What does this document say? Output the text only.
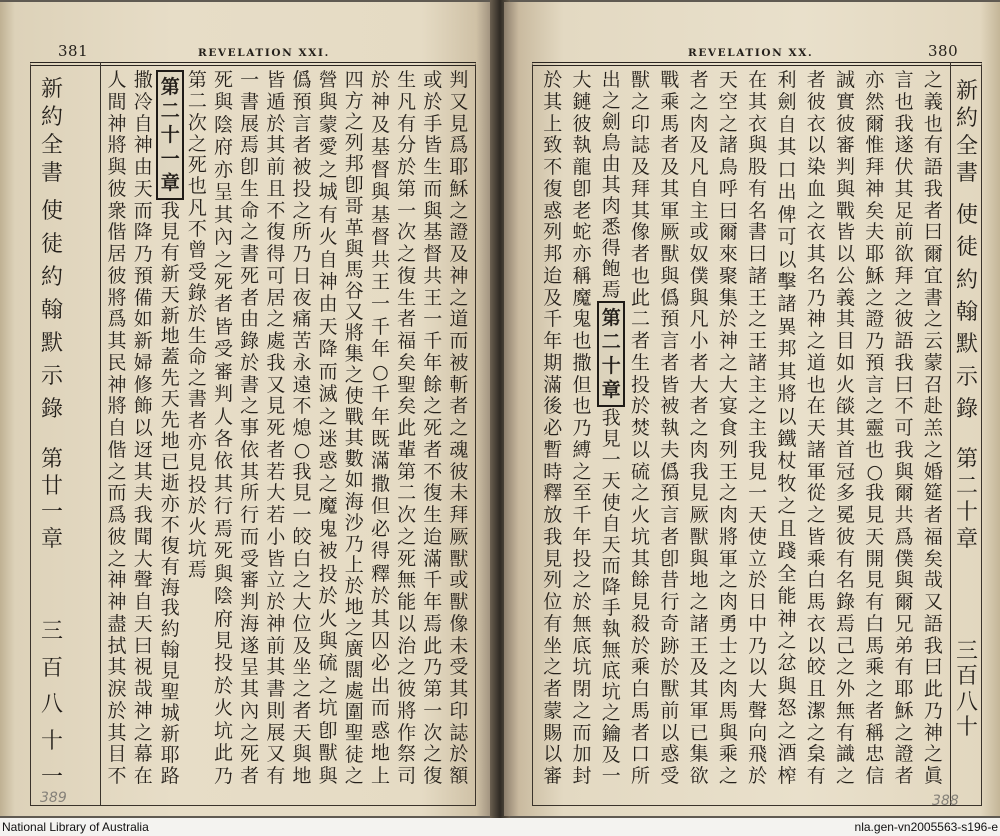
381	REVELATION XXI.
新
約
全
書
使
徒
約
翰
默
示
錄
第
廿
一
章
三
百
八
十
一
判
又
見
爲
耶
穌
之
證
及
神
之
道
而
被
斬
者
之
魂
彼
未
拜
厥
獸
或
獸
像
未
受
其
印
誌
於
額
或
於
手
皆
生
而
與
基
督
共
王
一
千
年
餘
之
死
者
不
復
生
迨
滿
千
年
焉
此
乃
第
一
次
之
復
生
凡
有
分
於
第
一
次
之
復
生
者
福
矣
聖
矣
此
輩
第
二
次
之
死
無
能
以
治
之
彼
將
作
祭
司
於
神
及
基
督
與
基
督
共
王
一
千
年
○
千
年
既
滿
撒
但
必
得
釋
於
其
囚
必
出
而
惑
地
上
四
方
之
列
邦
卽
哥
革
與
馬
谷
又
將
集
之
使
戰
其
數
如
海
沙
乃
上
於
地
之
廣
闊
處
圍
聖
徒
之
營
與
蒙
愛
之
城
有
火
自
神
由
天
降
而
滅
之
迷
惑
之
魔
鬼
被
投
於
火
與
硫
之
坑
卽
獸
與
僞
預
言
者
被
投
之
所
乃
日
夜
痛
苦
永
遠
不
熄
○
我
見
一
皎
白
之
大
位
及
坐
之
者
天
與
地
皆
遁
於
其
前
且
不
復
得
可
居
之
處
我
又
見
死
者
若
大
若
小
皆
立
於
神
前
其
書
則
展
又
有
一
書
展
焉
卽
生
命
之
書
死
者
由
錄
於
書
之
事
依
其
所
行
而
受
審
判
海
遂
呈
其
內
之
死
者
死
與
陰
府
亦
呈
其
內
之
死
者
皆
受
審
判
人
各
依
其
行
焉
死
與
陰
府
見
投
於
火
坑
此
乃
第
二
次
之
死
也
凡
不
曾
受
錄
於
生
命
之
書
者
亦
見
投
於
火
坑
焉
第
二
十
一
章
我
見
有
新
天
新
地
蓋
先
天
先
地
已
逝
亦
不
復
有
海
我
約
翰
見
聖
城
新
耶
路
撒
冷
自
神
由
天
而
降
乃
預
備
如
新
婦
修
飾
以
迓
其
夫
我
聞
大
聲
自
天
曰
視
哉
神
之
幕
在
人
間
神
將
與
彼
衆
偕
居
彼
將
爲
其
民
神
將
自
偕
之
而
爲
彼
之
神
神
盡
拭
其
淚
於
其
目
不
389
REVELATION XX.	380
新
約
全
書
使
徒
約
翰
默
示
錄
第
二
十
章
三
百
八
十
之
義
也
有
語
我
者
曰
爾
宜
書
之
云
蒙
召
赴
羔
之
婚
筵
者
福
矣
哉
又
語
我
曰
此
乃
神
之
眞
言
也
我
遂
伏
其
足
前
欲
拜
之
彼
語
我
曰
不
可
我
與
爾
共
爲
僕
與
爾
兄
弟
有
耶
穌
之
證
者
亦
然
爾
惟
拜
神
矣
夫
耶
穌
之
證
乃
預
言
之
靈
也
○
我
見
天
開
見
有
白
馬
乘
之
者
稱
忠
信
誠
實
彼
審
判
與
戰
皆
以
公
義
其
目
如
火
燄
其
首
冠
多
冕
彼
有
名
錄
焉
己
之
外
無
有
識
之
者
彼
衣
以
染
血
之
衣
其
名
乃
神
之
道
也
在
天
諸
軍
從
之
皆
乘
白
馬
衣
以
皎
且
潔
之
枲
有
利
劍
自
其
口
出
俾
可
以
擊
諸
異
邦
其
將
以
鐵
杖
牧
之
且
踐
全
能
神
之
忿
與
怒
之
酒
榨
在
其
衣
與
股
有
名
書
曰
諸
王
之
王
諸
主
之
主
我
見
一
天
使
立
於
日
中
乃
以
大
聲
向
飛
於
天
空
之
諸
鳥
呼
曰
爾
來
聚
集
於
神
之
大
宴
食
列
王
之
肉
將
軍
之
肉
勇
士
之
肉
馬
與
乘
之
者
之
肉
及
凡
自
主
或
奴
僕
與
凡
小
者
大
者
之
肉
我
見
厥
獸
與
地
之
諸
王
及
其
軍
已
集
欲
戰
乘
馬
者
及
其
軍
厥
獸
與
僞
預
言
者
皆
被
執
夫
僞
預
言
者
卽
昔
行
奇
跡
於
獸
前
以
惑
受
獸
之
印
誌
及
拜
其
像
者
也
此
二
者
生
投
於
焚
以
硫
之
火
坑
其
餘
見
殺
於
乘
白
馬
者
口
所
出
之
劍
鳥
由
其
肉
悉
得
飽
焉
第
二
十
章
我
見
一
天
使
自
天
而
降
手
執
無
底
坑
之
鑰
及
一
大
鏈
彼
執
龍
卽
老
蛇
亦
稱
魔
鬼
也
撒
但
也
乃
縛
之
至
千
年
投
之
於
無
底
坑
閉
之
而
加
封
於
其
上
致
不
復
惑
列
邦
迨
及
千
年
期
滿
後
必
暫
時
釋
放
我
見
列
位
有
坐
之
者
蒙
賜
以
審
388
National Library of Australia	nla.gen-vn2005563-s196-e
